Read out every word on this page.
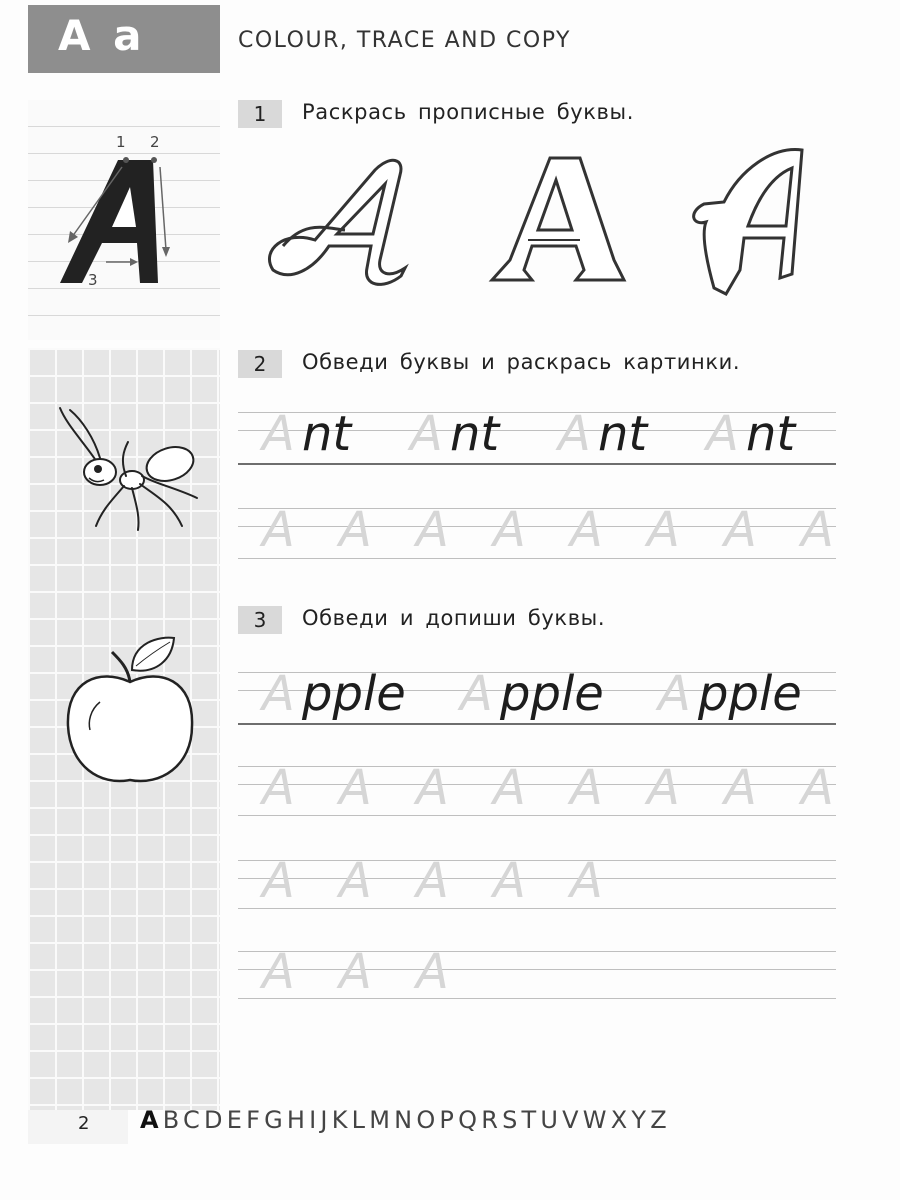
A a
1 2
3
COLOUR, TRACE AND COPY
1	Раскрась прописные буквы.
2	Обведи буквы и раскрась картинки.
A nt A nt A nt A nt
A A A A A A A A
3	Обведи и допиши буквы.
A pple A pple A pple
A A A A A A A A
A A A A A
A A A
2 ABCDEFGHIJKLMNOPQRSTUVWXYZ
